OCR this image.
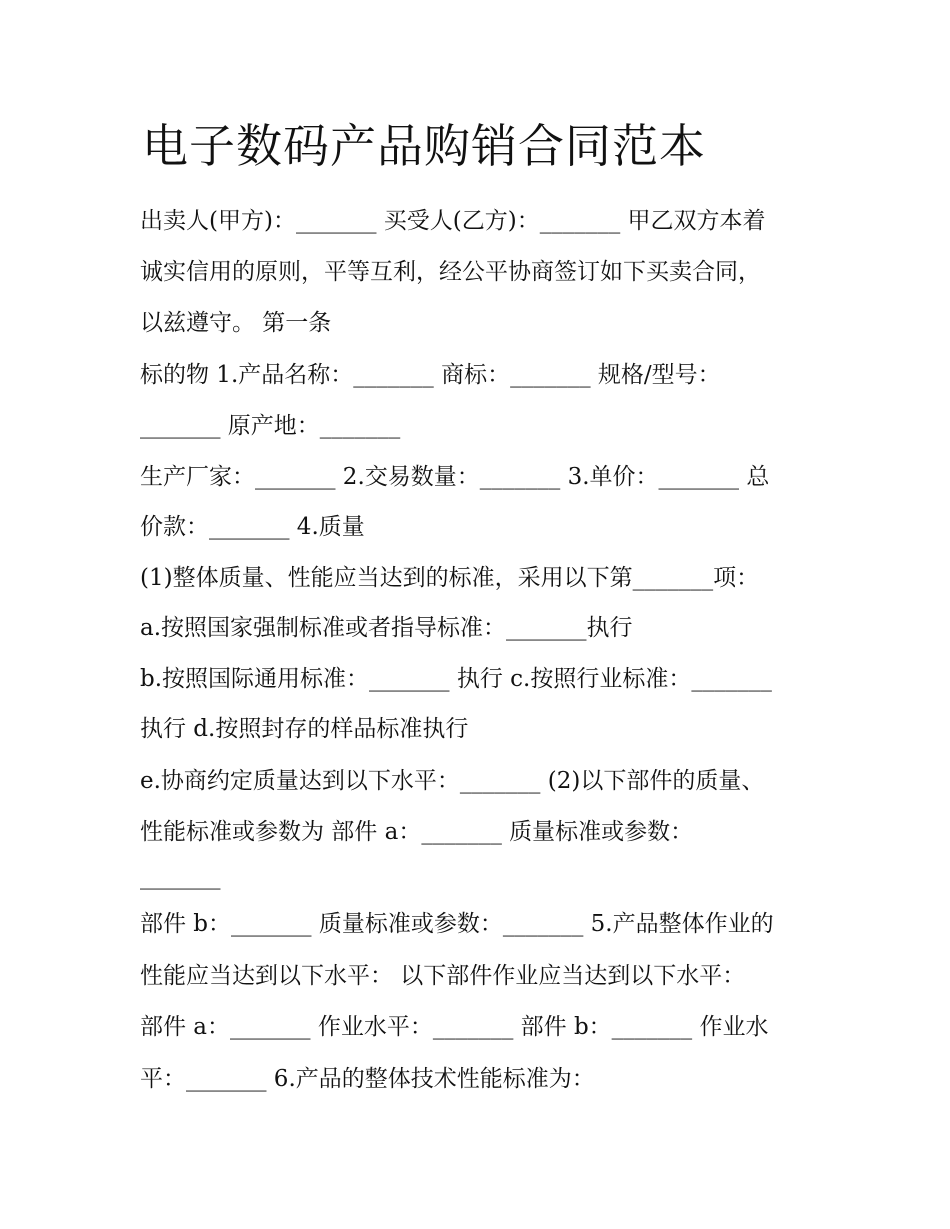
电子数码产品购销合同范本
出卖人(甲方)：_______ 买受人(乙方)：_______ 甲乙双方本着
诚实信用的原则，平等互利，经公平协商签订如下买卖合同，
以兹遵守。 第一条
标的物 1.产品名称：_______ 商标：_______ 规格/型号：
_______ 原产地：_______
生产厂家：_______ 2.交易数量：_______ 3.单价：_______ 总
价款：_______ 4.质量
(1)整体质量、性能应当达到的标准，采用以下第_______项：
a.按照国家强制标准或者指导标准：_______执行
b.按照国际通用标准：_______ 执行 c.按照行业标准：_______
执行 d.按照封存的样品标准执行
e.协商约定质量达到以下水平：_______ (2)以下部件的质量、
性能标准或参数为 部件 a：_______ 质量标准或参数：
_______
部件 b：_______ 质量标准或参数：_______ 5.产品整体作业的
性能应当达到以下水平： 以下部件作业应当达到以下水平：
部件 a：_______ 作业水平：_______ 部件 b：_______ 作业水
平：_______ 6.产品的整体技术性能标准为：
